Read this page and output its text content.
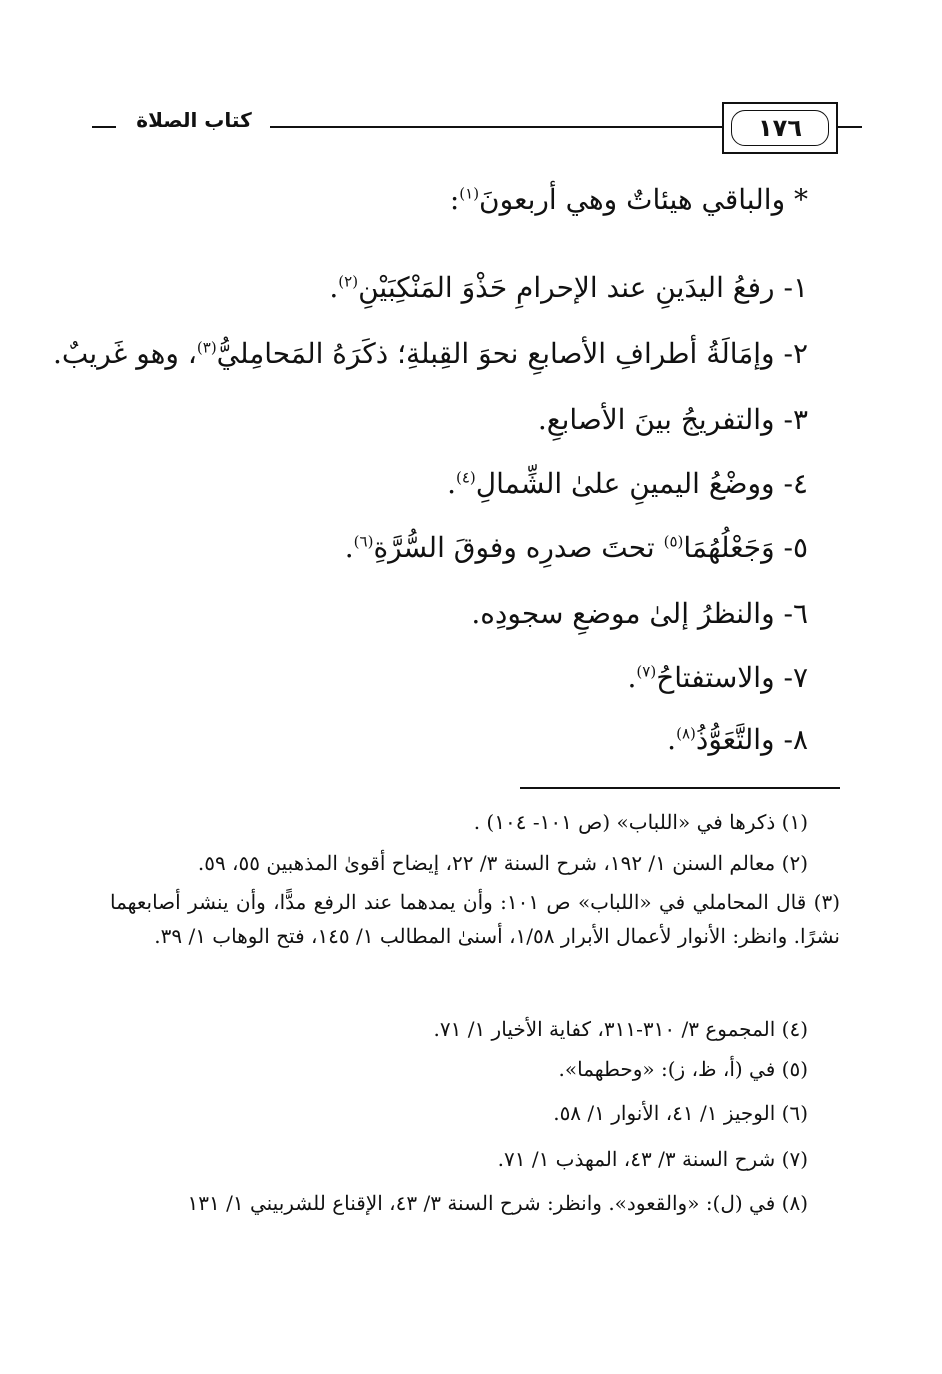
١٧٦
كتاب الصلاة
* والباقي هيئاتٌ وهي أربعونَ$^{(١)}$:
١- رفعُ اليدَينِ عند الإحرامِ حَذْوَ المَنْكِبَيْنِ$^{(٢)}$.
٢- وإمَالَةُ أطرافِ الأصابعِ نحوَ القِبلةِ؛ ذكَرَهُ المَحامِليُّ$^{(٣)}$، وهو غَريبٌ.
٣- والتفريجُ بينَ الأصابعِ.
٤- ووضْعُ اليمينِ علىٰ الشِّمالِ$^{(٤)}$.
٥- وَجَعْلُهُمَا$^{(٥)}$ تحتَ صدرِه وفوقَ السُّرَّةِ$^{(٦)}$.
٦- والنظرُ إلىٰ موضعِ سجودِه.
٧- والاستفتاحُ$^{(٧)}$.
٨- والتَّعَوُّذُ$^{(٨)}$.
(١) ذكرها في «اللباب» (ص ١٠١- ١٠٤) .
(٢) معالم السنن ١/ ١٩٢، شرح السنة ٣/ ٢٢، إيضاح أقوىٰ المذهبين ٥٥، ٥٩.
(٣) قال المحاملي في «اللباب» ص ١٠١: وأن يمدهما عند الرفع مدًّا، وأن ينشر أصابعهما نشرًا. وانظر: الأنوار لأعمال الأبرار ١/٥٨، أسنىٰ المطالب ١/ ١٤٥، فتح الوهاب ١/ ٣٩.
(٤) المجموع ٣/ ٣١٠-٣١١، كفاية الأخيار ١/ ٧١.
(٥) في (أ، ظ، ز): «وحطهما».
(٦) الوجيز ١/ ٤١، الأنوار ١/ ٥٨.
(٧) شرح السنة ٣/ ٤٣، المهذب ١/ ٧١.
(٨) في (ل): «والقعود». وانظر: شرح السنة ٣/ ٤٣، الإقناع للشربيني ١/ ١٣١
